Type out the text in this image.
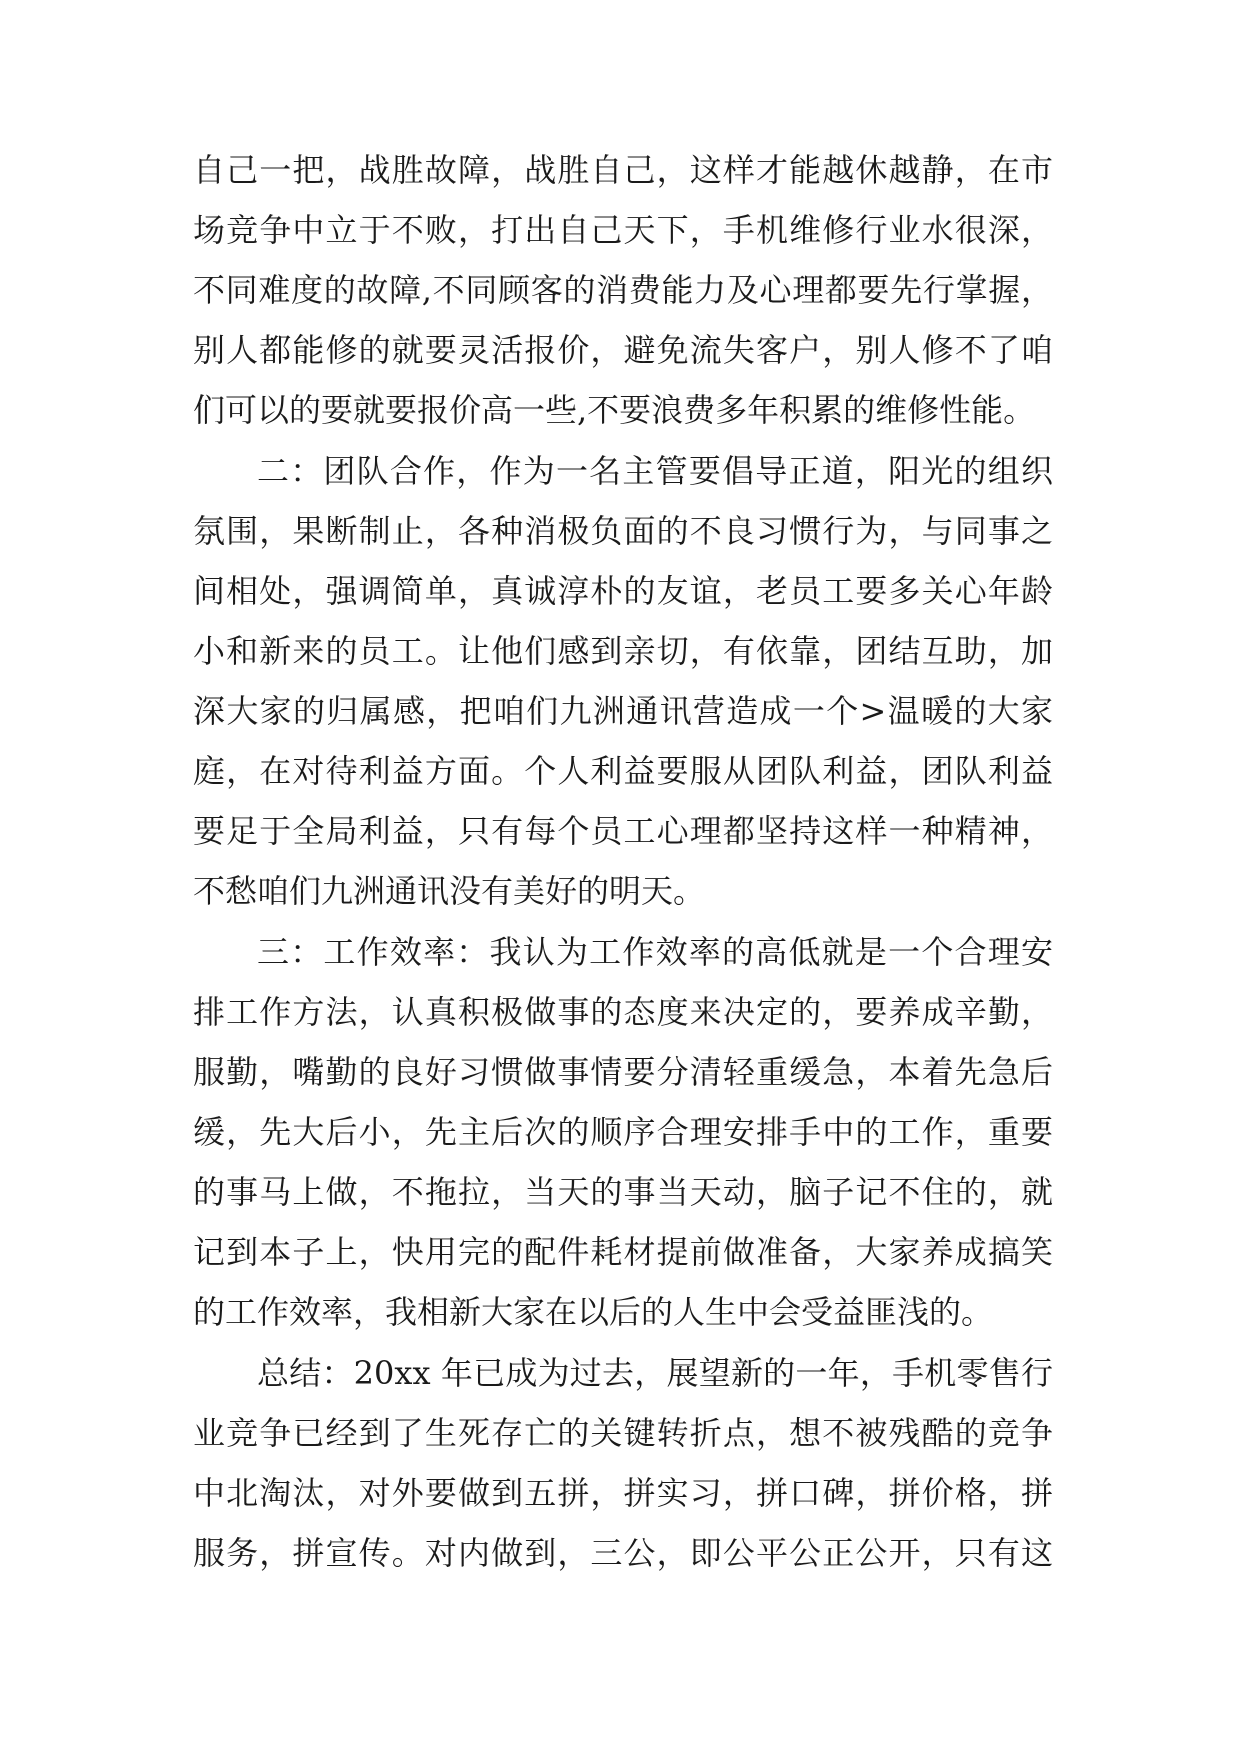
自己一把，战胜故障，战胜自己，这样才能越休越静，在市
场竞争中立于不败，打出自己天下，手机维修行业水很深，
不同难度的故障,不同顾客的消费能力及心理都要先行掌握，
别人都能修的就要灵活报价，避免流失客户，别人修不了咱
们可以的要就要报价高一些,不要浪费多年积累的维修性能。
二：团队合作，作为一名主管要倡导正道，阳光的组织
氛围，果断制止，各种消极负面的不良习惯行为，与同事之
间相处，强调简单，真诚淳朴的友谊，老员工要多关心年龄
小和新来的员工。让他们感到亲切，有依靠，团结互助，加
深大家的归属感，把咱们九洲通讯营造成一个>温暖的大家
庭，在对待利益方面。个人利益要服从团队利益，团队利益
要足于全局利益，只有每个员工心理都坚持这样一种精神，
不愁咱们九洲通讯没有美好的明天。
三：工作效率：我认为工作效率的高低就是一个合理安
排工作方法，认真积极做事的态度来决定的，要养成辛勤，
服勤，嘴勤的良好习惯做事情要分清轻重缓急，本着先急后
缓，先大后小，先主后次的顺序合理安排手中的工作，重要
的事马上做，不拖拉，当天的事当天动，脑子记不住的，就
记到本子上，快用完的配件耗材提前做准备，大家养成搞笑
的工作效率，我相新大家在以后的人生中会受益匪浅的。
总结：20xx 年已成为过去，展望新的一年，手机零售行
业竞争已经到了生死存亡的关键转折点，想不被残酷的竞争
中北淘汰，对外要做到五拼，拼实习，拼口碑，拼价格，拼
服务，拼宣传。对内做到，三公，即公平公正公开，只有这
